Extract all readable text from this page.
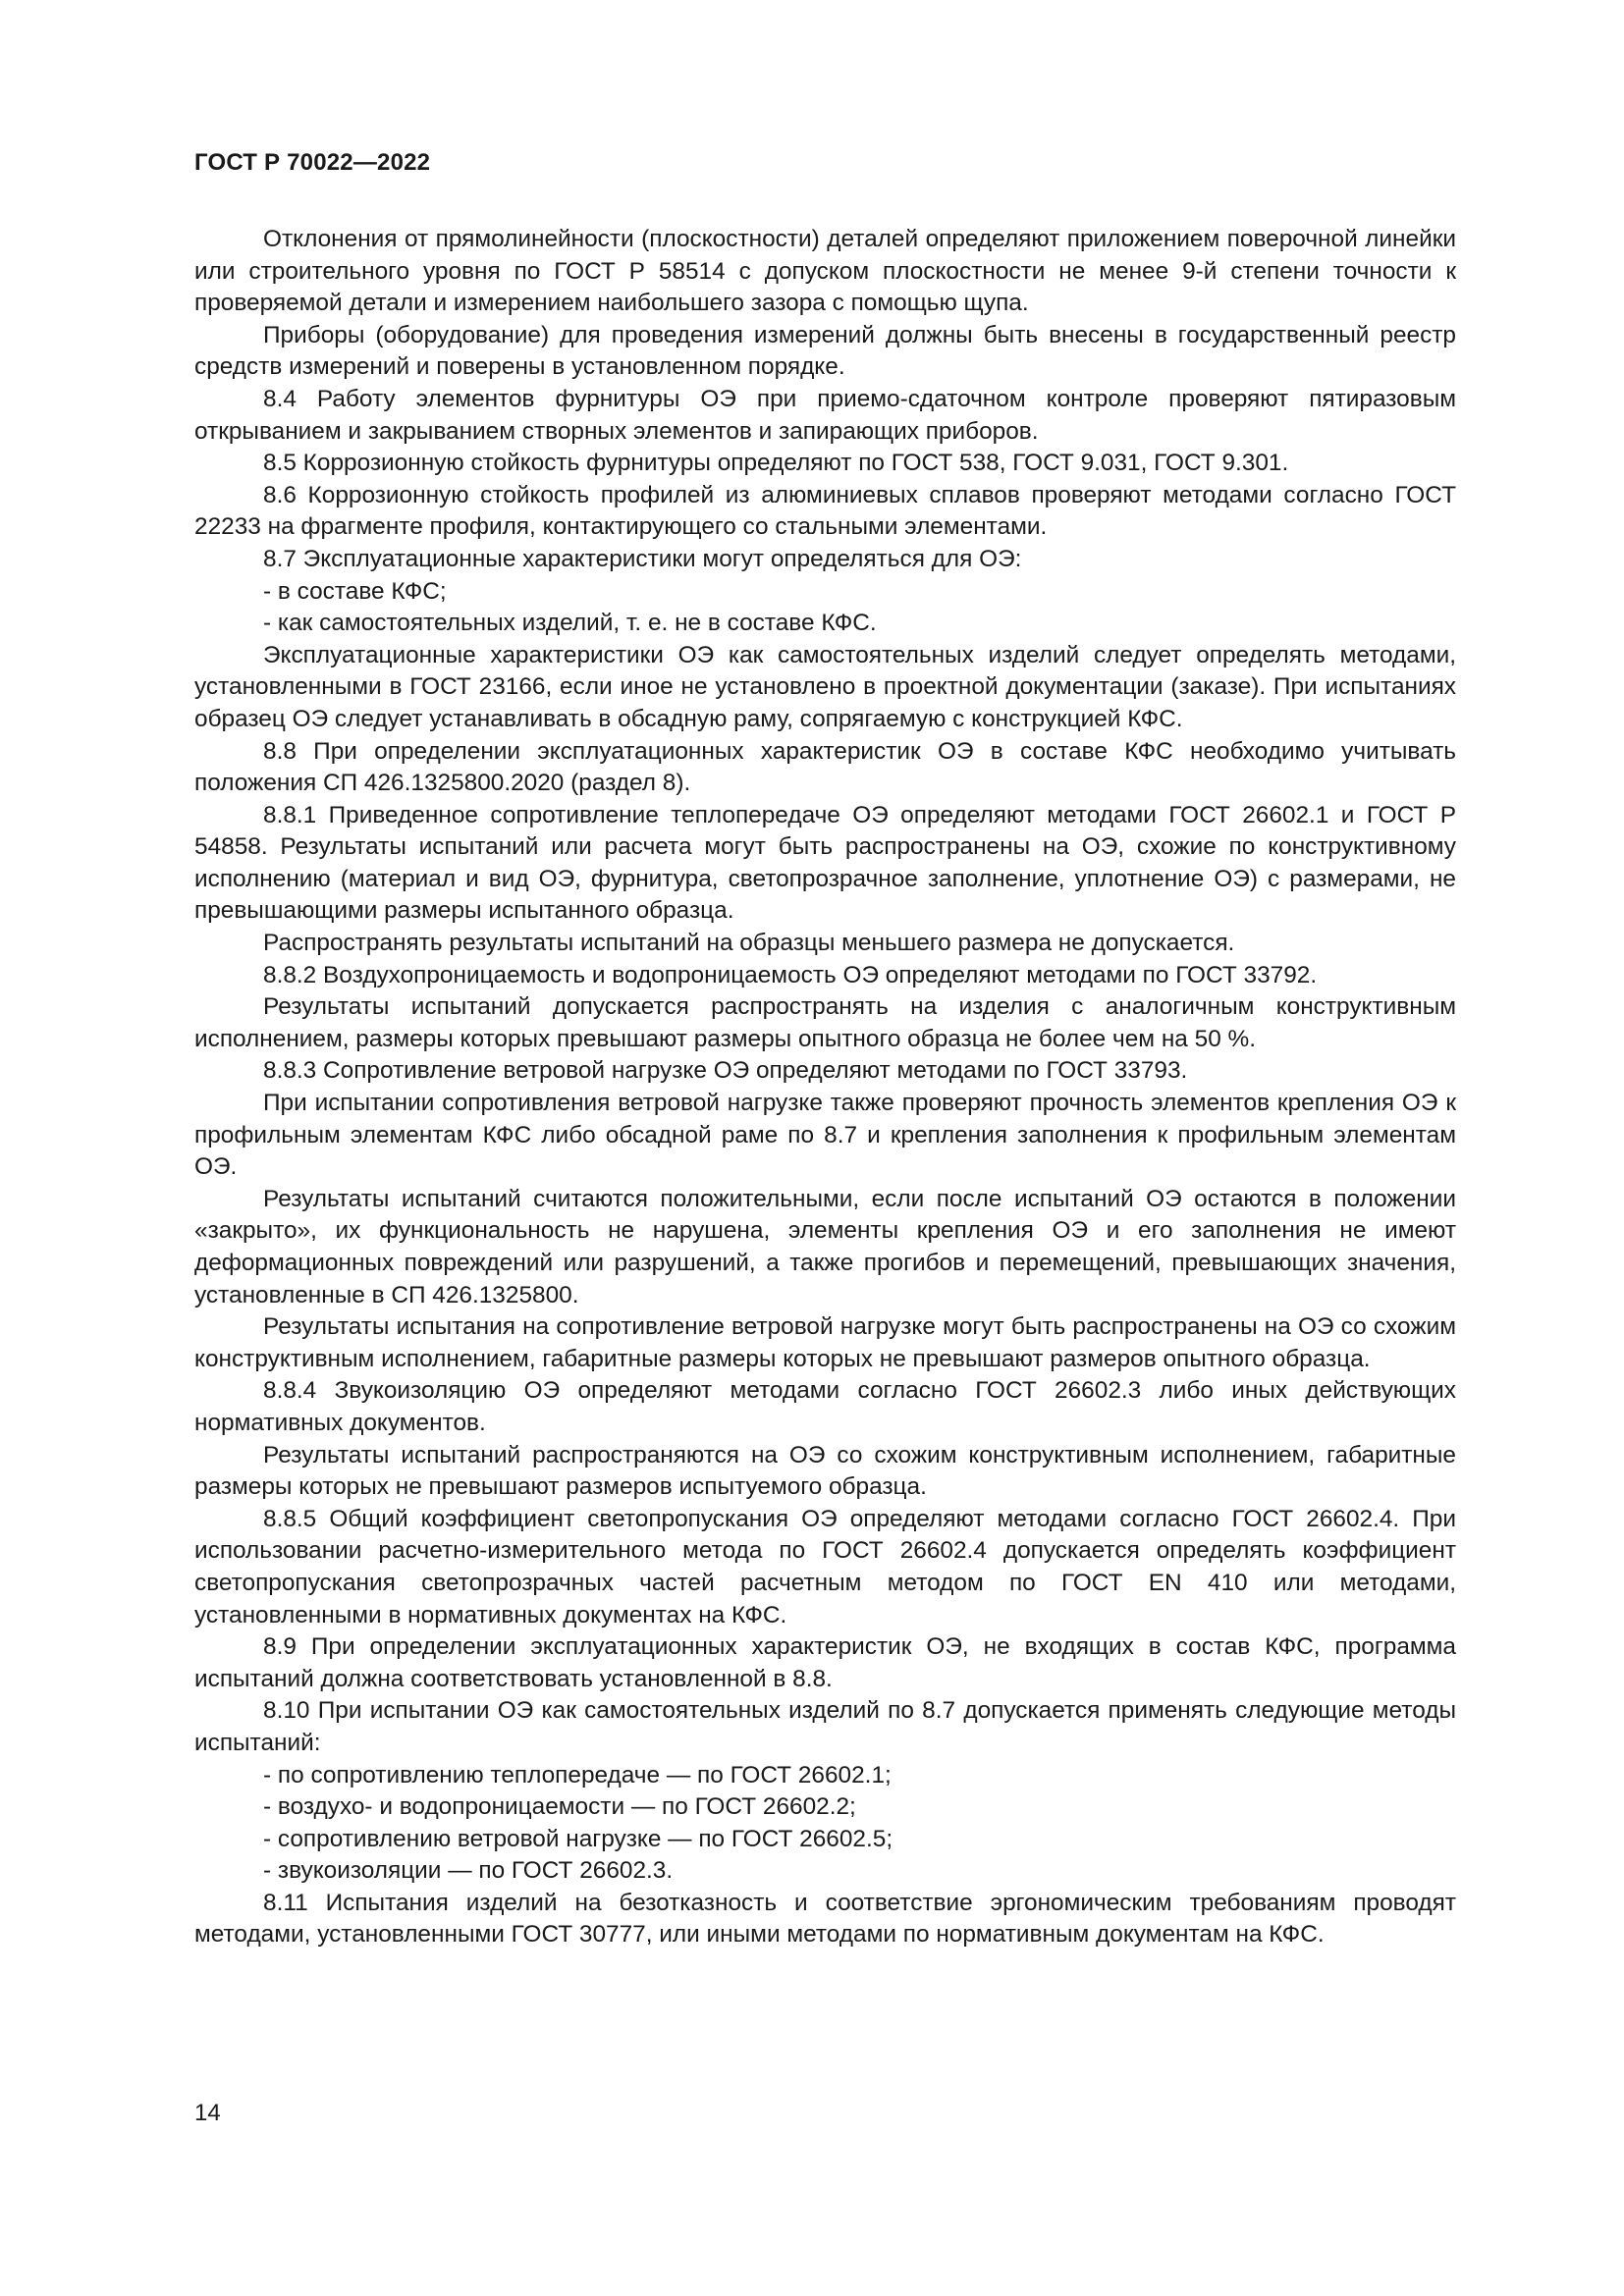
ГОСТ Р 70022—2022

Отклонения от прямолинейности (плоскостности) деталей определяют приложением поверочной линейки или строительного уровня по ГОСТ Р 58514 с допуском плоскостности не менее 9-й степени точности к проверяемой детали и измерением наибольшего зазора с помощью щупа.

Приборы (оборудование) для проведения измерений должны быть внесены в государственный реестр средств измерений и поверены в установленном порядке.

8.4 Работу элементов фурнитуры ОЭ при приемо-сдаточном контроле проверяют пятиразовым открыванием и закрыванием створных элементов и запирающих приборов.

8.5 Коррозионную стойкость фурнитуры определяют по ГОСТ 538, ГОСТ 9.031, ГОСТ 9.301.

8.6 Коррозионную стойкость профилей из алюминиевых сплавов проверяют методами согласно ГОСТ 22233 на фрагменте профиля, контактирующего со стальными элементами.

8.7 Эксплуатационные характеристики могут определяться для ОЭ:

- в составе КФС;

- как самостоятельных изделий, т. е. не в составе КФС.

Эксплуатационные характеристики ОЭ как самостоятельных изделий следует определять методами, установленными в ГОСТ 23166, если иное не установлено в проектной документации (заказе). При испытаниях образец ОЭ следует устанавливать в обсадную раму, сопрягаемую с конструкцией КФС.

8.8 При определении эксплуатационных характеристик ОЭ в составе КФС необходимо учитывать положения СП 426.1325800.2020 (раздел 8).

8.8.1 Приведенное сопротивление теплопередаче ОЭ определяют методами ГОСТ 26602.1 и ГОСТ Р 54858. Результаты испытаний или расчета могут быть распространены на ОЭ, схожие по конструктивному исполнению (материал и вид ОЭ, фурнитура, светопрозрачное заполнение, уплотнение ОЭ) с размерами, не превышающими размеры испытанного образца.

Распространять результаты испытаний на образцы меньшего размера не допускается.

8.8.2 Воздухопроницаемость и водопроницаемость ОЭ определяют методами по ГОСТ 33792.

Результаты испытаний допускается распространять на изделия с аналогичным конструктивным исполнением, размеры которых превышают размеры опытного образца не более чем на 50 %.

8.8.3 Сопротивление ветровой нагрузке ОЭ определяют методами по ГОСТ 33793.

При испытании сопротивления ветровой нагрузке также проверяют прочность элементов крепления ОЭ к профильным элементам КФС либо обсадной раме по 8.7 и крепления заполнения к профильным элементам ОЭ.

Результаты испытаний считаются положительными, если после испытаний ОЭ остаются в положении «закрыто», их функциональность не нарушена, элементы крепления ОЭ и его заполнения не имеют деформационных повреждений или разрушений, а также прогибов и перемещений, превышающих значения, установленные в СП 426.1325800.

Результаты испытания на сопротивление ветровой нагрузке могут быть распространены на ОЭ со схожим конструктивным исполнением, габаритные размеры которых не превышают размеров опытного образца.

8.8.4 Звукоизоляцию ОЭ определяют методами согласно ГОСТ 26602.3 либо иных действующих нормативных документов.

Результаты испытаний распространяются на ОЭ со схожим конструктивным исполнением, габаритные размеры которых не превышают размеров испытуемого образца.

8.8.5 Общий коэффициент светопропускания ОЭ определяют методами согласно ГОСТ 26602.4. При использовании расчетно-измерительного метода по ГОСТ 26602.4 допускается определять коэффициент светопропускания светопрозрачных частей расчетным методом по ГОСТ EN 410 или методами, установленными в нормативных документах на КФС.

8.9 При определении эксплуатационных характеристик ОЭ, не входящих в состав КФС, программа испытаний должна соответствовать установленной в 8.8.

8.10 При испытании ОЭ как самостоятельных изделий по 8.7 допускается применять следующие методы испытаний:

- по сопротивлению теплопередаче — по ГОСТ 26602.1;

- воздухо- и водопроницаемости — по ГОСТ 26602.2;

- сопротивлению ветровой нагрузке — по ГОСТ 26602.5;

- звукоизоляции — по ГОСТ 26602.3.

8.11 Испытания изделий на безотказность и соответствие эргономическим требованиям проводят методами, установленными ГОСТ 30777, или иными методами по нормативным документам на КФС.

14
